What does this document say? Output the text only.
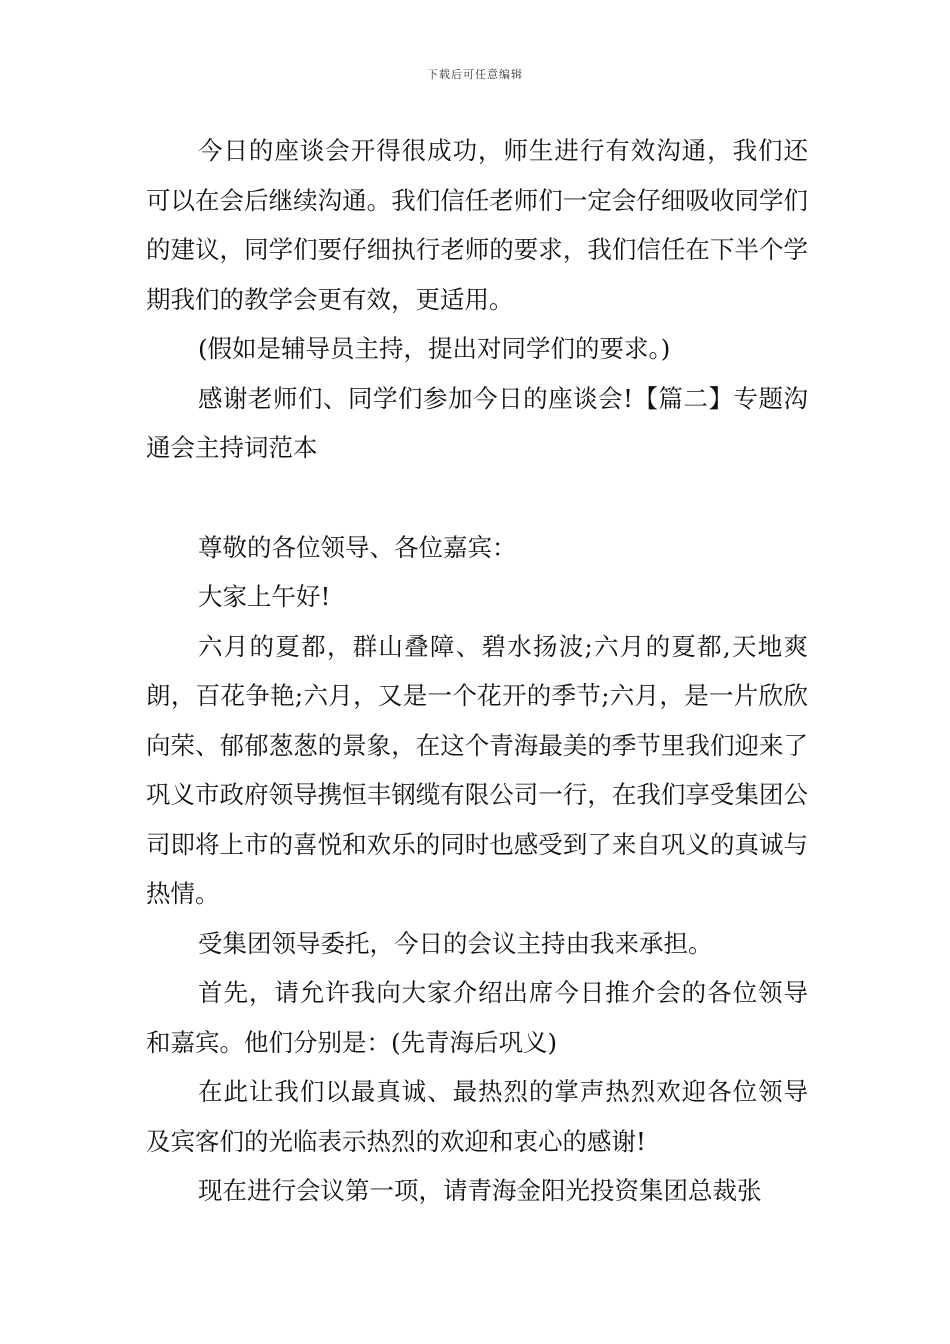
下载后可任意编辑

今日的座谈会开得很成功，师生进行有效沟通，我们还可以在会后继续沟通。我们信任老师们一定会仔细吸收同学们的建议，同学们要仔细执行老师的要求，我们信任在下半个学期我们的教学会更有效，更适用。

(假如是辅导员主持，提出对同学们的要求。)

感谢老师们、同学们参加今日的座谈会!【篇二】专题沟通会主持词范本

尊敬的各位领导、各位嘉宾：

大家上午好!

六月的夏都，群山叠障、碧水扬波;六月的夏都,天地爽朗，百花争艳;六月，又是一个花开的季节;六月，是一片欣欣向荣、郁郁葱葱的景象，在这个青海最美的季节里我们迎来了巩义市政府领导携恒丰钢缆有限公司一行，在我们享受集团公司即将上市的喜悦和欢乐的同时也感受到了来自巩义的真诚与热情。

受集团领导委托，今日的会议主持由我来承担。

首先，请允许我向大家介绍出席今日推介会的各位领导和嘉宾。他们分别是：(先青海后巩义)

在此让我们以最真诚、最热烈的掌声热烈欢迎各位领导及宾客们的光临表示热烈的欢迎和衷心的感谢!

现在进行会议第一项，请青海金阳光投资集团总裁张
